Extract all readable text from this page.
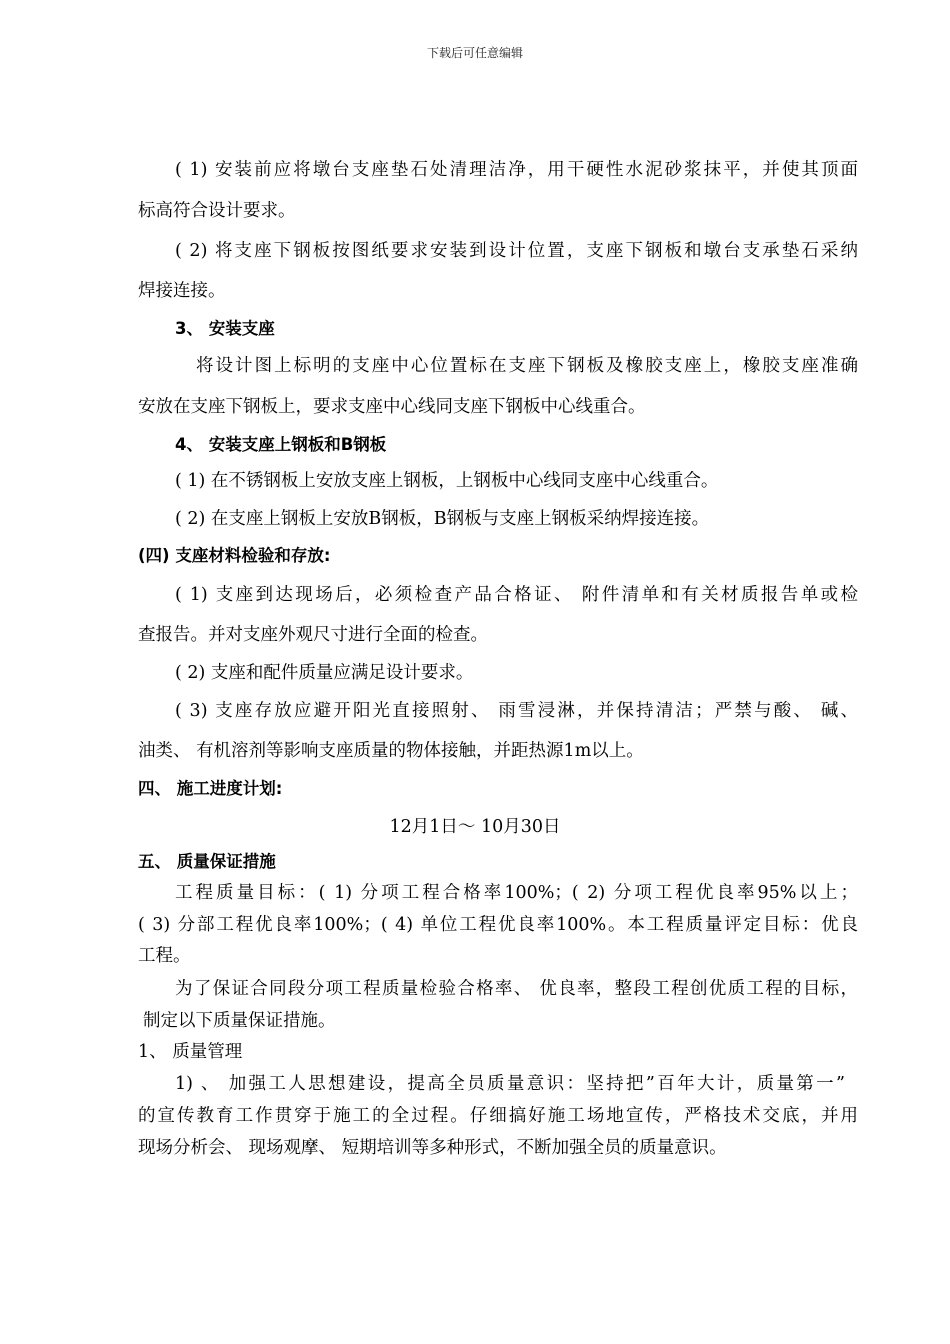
下载后可任意编辑
( 1) 安装前应将墩台支座垫石处清理洁净，用干硬性水泥砂浆抹平，并使其顶面
标高符合设计要求。
( 2) 将支座下钢板按图纸要求安装到设计位置，支座下钢板和墩台支承垫石采纳
焊接连接。
3、 安装支座
将设计图上标明的支座中心位置标在支座下钢板及橡胶支座上，橡胶支座准确
安放在支座下钢板上，要求支座中心线同支座下钢板中心线重合。
4、 安装支座上钢板和B钢板
( 1) 在不锈钢板上安放支座上钢板，上钢板中心线同支座中心线重合。
( 2) 在支座上钢板上安放B钢板，B钢板与支座上钢板采纳焊接连接。
(四) 支座材料检验和存放:
( 1) 支座到达现场后，必须检查产品合格证、 附件清单和有关材质报告单或检
查报告。并对支座外观尺寸进行全面的检查。
( 2) 支座和配件质量应满足设计要求。
( 3) 支座存放应避开阳光直接照射、 雨雪浸淋，并保持清洁；严禁与酸、 碱、
油类、 有机溶剂等影响支座质量的物体接触，并距热源1m以上。
四、 施工进度计划:
12月1日～ 10月30日
五、 质量保证措施
工程质量目标：( 1) 分项工程合格率100%；( 2) 分项工程优良率95%以上；
( 3) 分部工程优良率100%；( 4) 单位工程优良率100%。本工程质量评定目标：优良
工程。
为了保证合同段分项工程质量检验合格率、 优良率，整段工程创优质工程的目标，
制定以下质量保证措施。
1、 质量管理
1) 、 加强工人思想建设，提高全员质量意识：坚持把”百年大计，质量第一”
的宣传教育工作贯穿于施工的全过程。仔细搞好施工场地宣传，严格技术交底，并用
现场分析会、 现场观摩、 短期培训等多种形式，不断加强全员的质量意识。
